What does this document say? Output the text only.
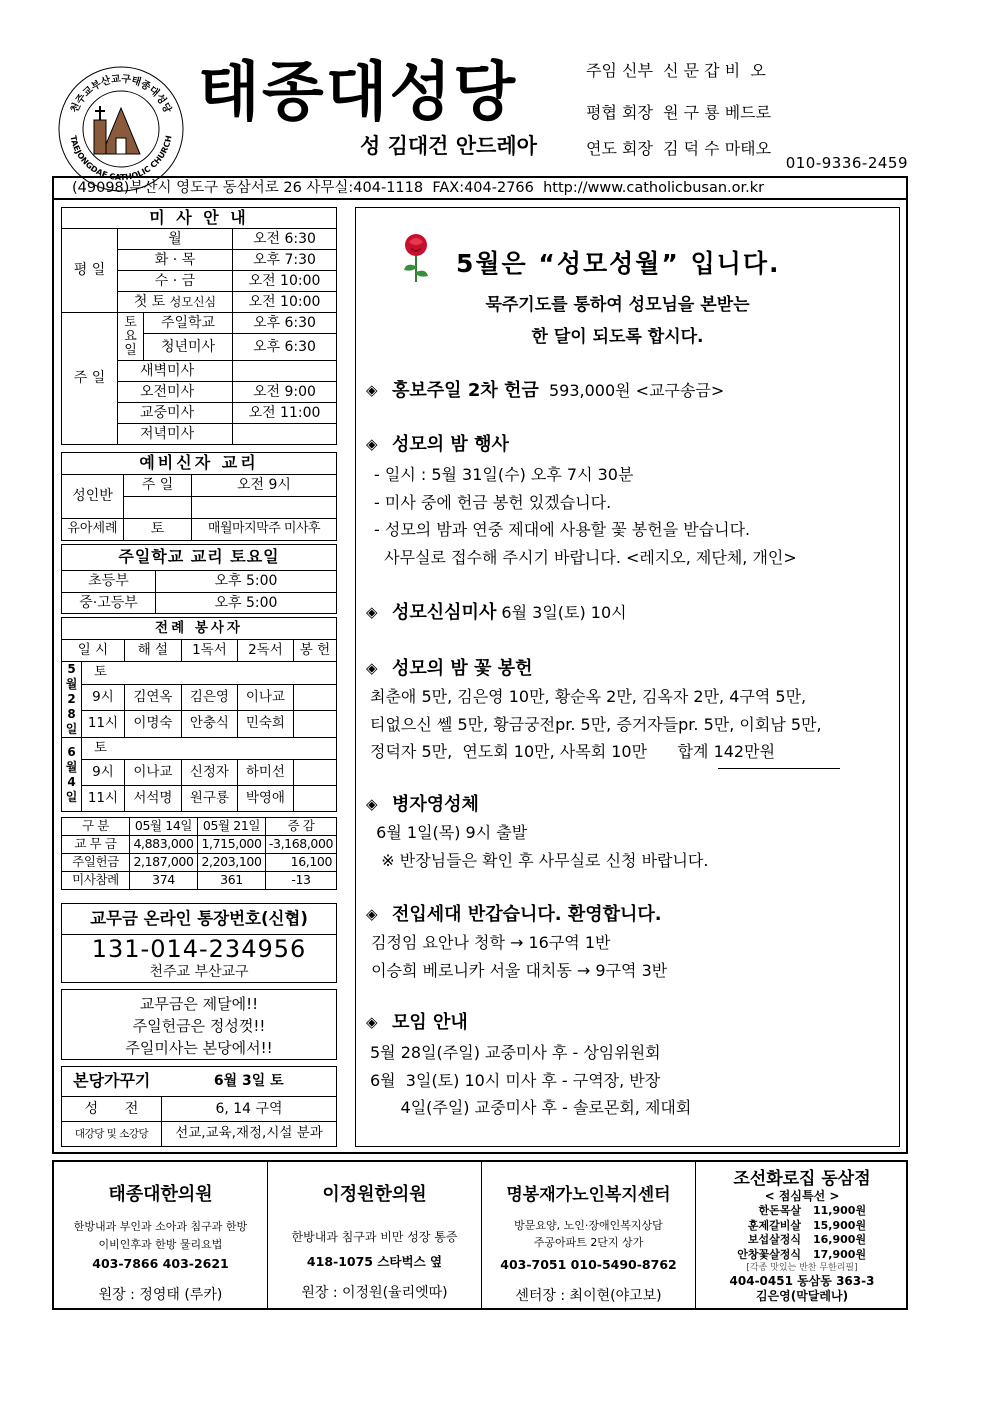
천주교부산교구태종대성당
TAEJONGDAE CATHOLIC CHURCH
태종대성당
성 김대건 안드레아
주임 신부  신 문 갑 비  오
평협 회장  원 구 룡 베드로
연도 회장  김 덕 수 마태오
010-9336-2459
(49098)부산시 영도구 동삼서로 26 사무실:404-1118  FAX:404-2766  http://www.catholicbusan.or.kr
미 사 안 내			
평 일	월		오전 6:30
	화 · 목		오후 7:30
	수 · 금		오전 10:00
	첫 토 성모신심		오전 10:00
주 일	토요일	주일학교	오후 6:30
		청년미사	오후 6:30
	새벽미사		
	오전미사		오전 9:00
	교중미사		오전 11:00
	저녁미사		
예비신자 교리		
성인반	주 일	오전 9시

유아세례	토	매월마지막주 미사후
주일학교 교리 토요일	
초등부	오후 5:00
중·고등부	오후 5:00
전례 봉사자					
일 시		해 설	1독서	2독서	봉 헌
5월28일	토				
	9시	김연옥	김은영	이나교	
	11시	이명숙	안충식	민숙희	
6월4일	토				
	9시	이나교	신정자	하미선	
	11시	서석명	원구룡	박영애	
구 분	05월 14일	05월 21일	증 감
교 무 금	4,883,000	1,715,000	-3,168,000
주일헌금	2,187,000	2,203,100	16,100
미사참례	374	361	-13
교무금 온라인 통장번호(신협)
131-014-234956
천주교 부산교구
교무금은 제달에!!
주일헌금은 정성껏!!
주일미사는 본당에서!!
본당가꾸기	6월 3일 토
성      전	6, 14 구역
대강당 및 소강당	선교,교육,재정,시설 분과
5월은 “성모성월” 입니다.
묵주기도를 통하여 성모님을 본받는
한 달이 되도록 합시다.
◈ 홍보주일 2차 헌금  593,000원 <교구송금>
◈ 성모의 밤 행사
- 일시 : 5월 31일(수) 오후 7시 30분
- 미사 중에 헌금 봉헌 있겠습니다.
- 성모의 밤과 연중 제대에 사용할 꽃 봉헌을 받습니다.
사무실로 접수해 주시기 바랍니다. <레지오, 제단체, 개인>
◈ 성모신심미사 6월 3일(토) 10시
◈ 성모의 밤 꽃 봉헌
최춘애 5만, 김은영 10만, 황순옥 2만, 김옥자 2만, 4구역 5만,
티없으신 쎌 5만, 황금궁전pr. 5만, 증거자들pr. 5만, 이회남 5만,
정덕자 5만,  연도회 10만, 사목회 10만      합계 142만원
◈ 병자영성체
6월 1일(목) 9시 출발
※ 반장님들은 확인 후 사무실로 신청 바랍니다.
◈ 전입세대 반갑습니다. 환영합니다.
김정임 요안나 청학 → 16구역 1반
이승희 베로니카 서울 대치동 → 9구역 3반
◈ 모임 안내
5월 28일(주일) 교중미사 후 - 상임위원회
6월  3일(토) 10시 미사 후 - 구역장, 반장
4일(주일) 교중미사 후 - 솔로몬회, 제대회
태종대한의원
한방내과 부인과 소아과 침구과 한방
이비인후과 한방 물리요법
403-7866 403-2621
원장 : 정영태 (루카)
이정원한의원
한방내과 침구과 비만 성장 통증
418-1075 스타벅스 옆
원장 : 이정원(율리엣따)
명봉재가노인복지센터
방문요양, 노인·장애인복지상담
주공아파트 2단지 상가
403-7051 010-5490-8762
센터장 : 최이현(야고보)
조선화로집 동삼점
< 점심특선 >
한돈목살 11,900원
훈제갈비살 15,900원
보섭살정식 16,900원
안창꽃살정식 17,900원
[각종 맛있는 반찬 무한리필]
404-0451 동삼동 363-3
김은영(막달레나)
